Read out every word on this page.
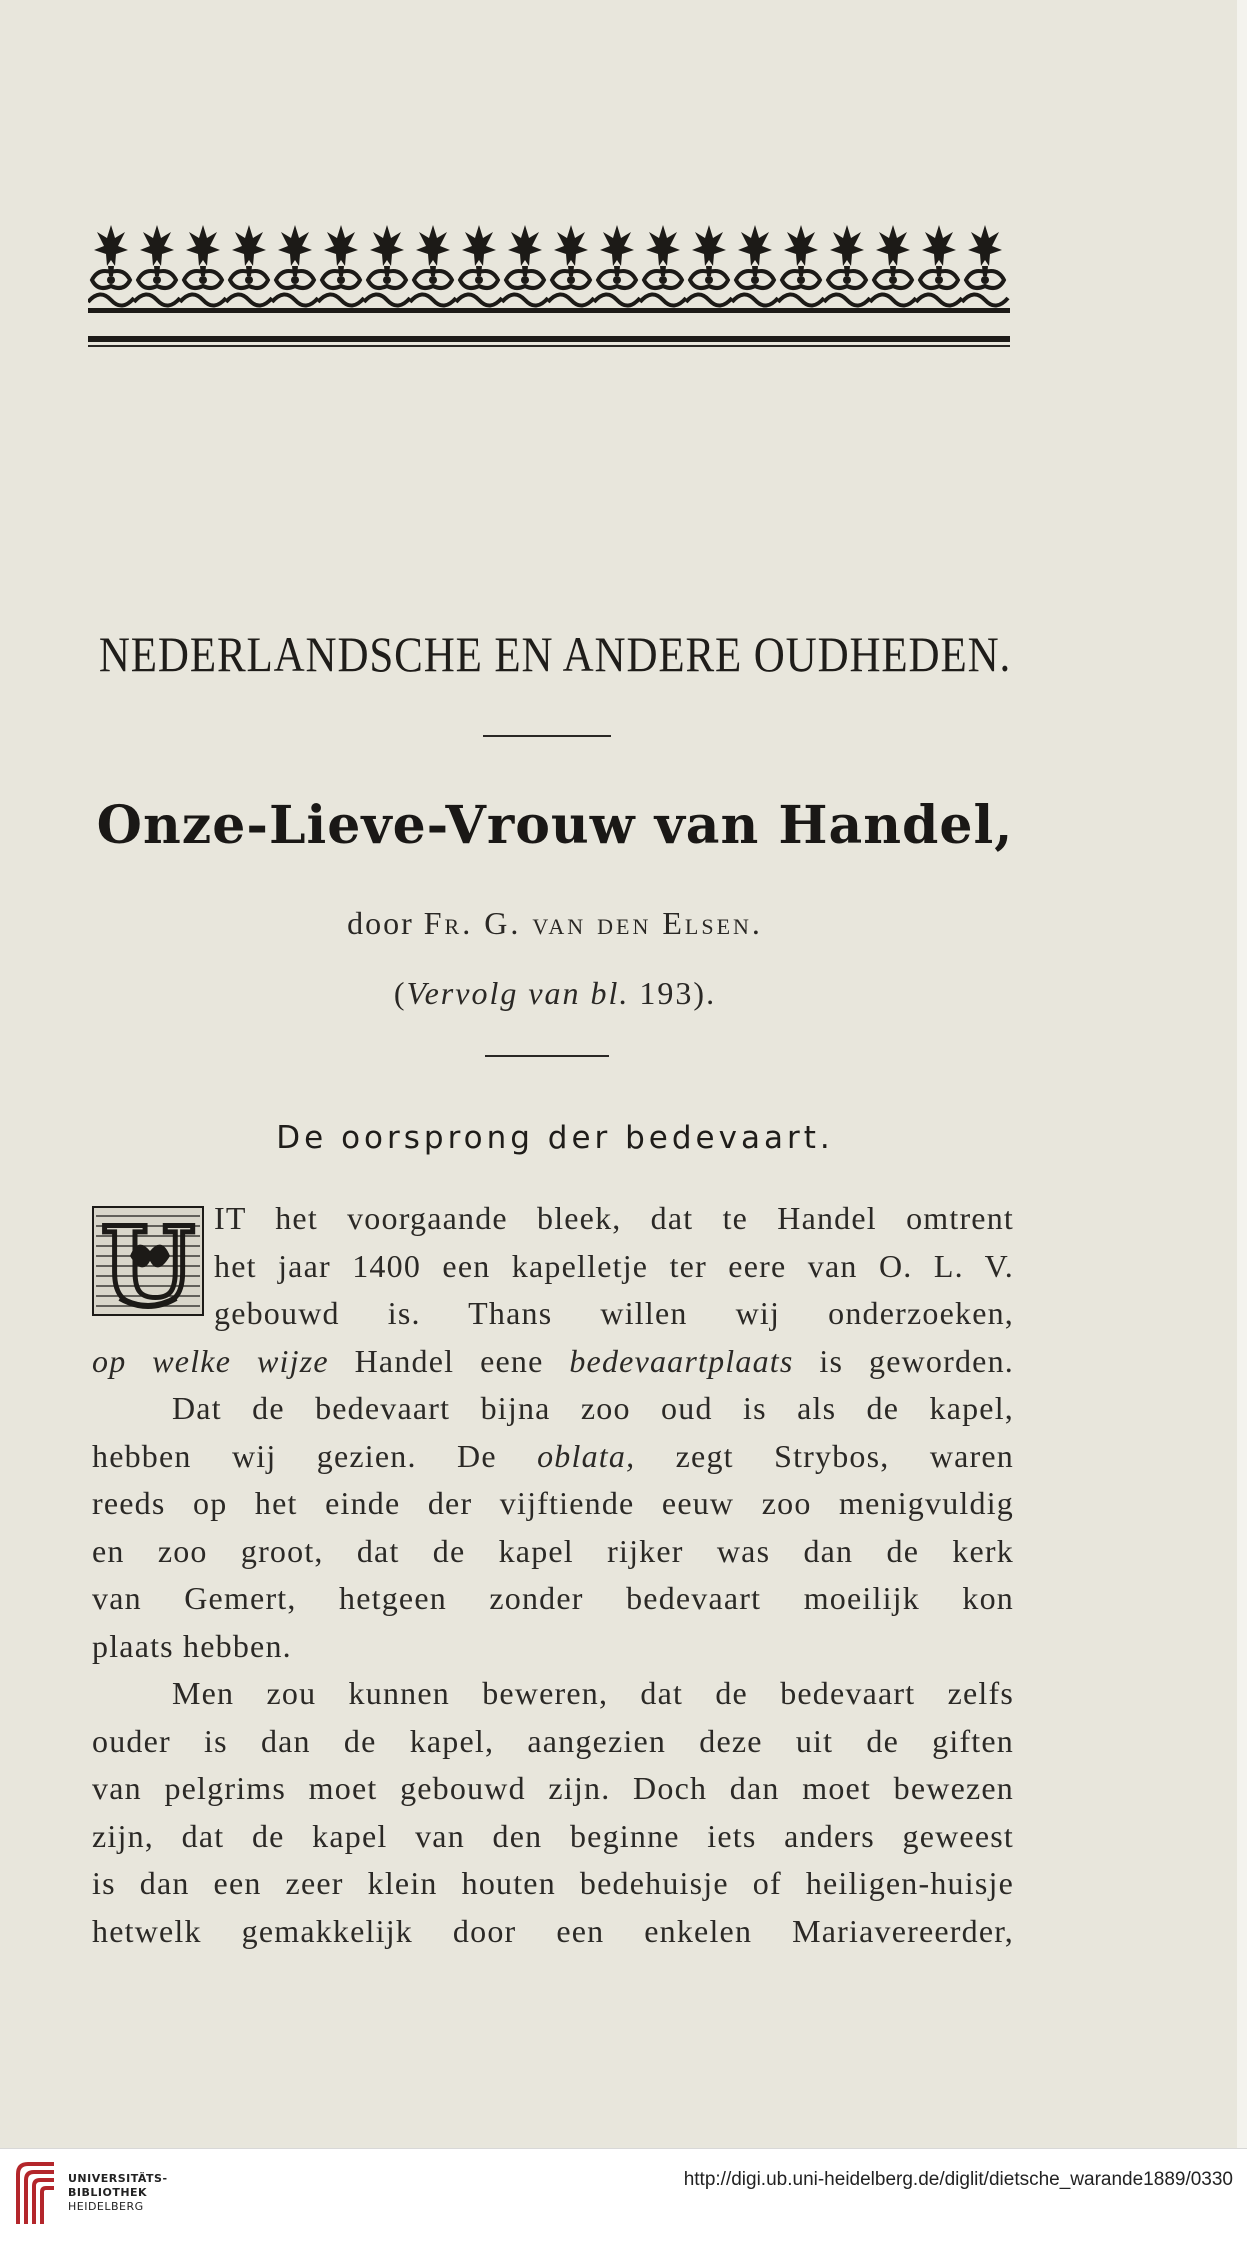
NEDERLANDSCHE EN ANDERE OUDHEDEN.
Onze-Lieve-Vrouw van Handel,
door Fr. G. van den Elsen.
(Vervolg van bl. 193).
De oorsprong der bedevaart.
U IT het voorgaande bleek, dat te Handel omtrent
het jaar 1400 een kapelletje ter eere van O. L. V.
gebouwd is. Thans willen wij onderzoeken,
op welke wijze Handel eene bedevaartplaats is geworden.
Dat de bedevaart bijna zoo oud is als de kapel,
hebben wij gezien. De oblata, zegt Strybos, waren
reeds op het einde der vijftiende eeuw zoo menigvuldig
en zoo groot, dat de kapel rijker was dan de kerk
van Gemert, hetgeen zonder bedevaart moeilijk kon
plaats hebben.
Men zou kunnen beweren, dat de bedevaart zelfs
ouder is dan de kapel, aangezien deze uit de giften
van pelgrims moet gebouwd zijn. Doch dan moet bewezen
zijn, dat de kapel van den beginne iets anders geweest
is dan een zeer klein houten bedehuisje of heiligen-huisje
hetwelk gemakkelijk door een enkelen Mariavereerder,
UNIVERSITÄTS-
BIBLIOTHEK
HEIDELBERG
http://digi.ub.uni-heidelberg.de/diglit/dietsche_warande1889/0330
